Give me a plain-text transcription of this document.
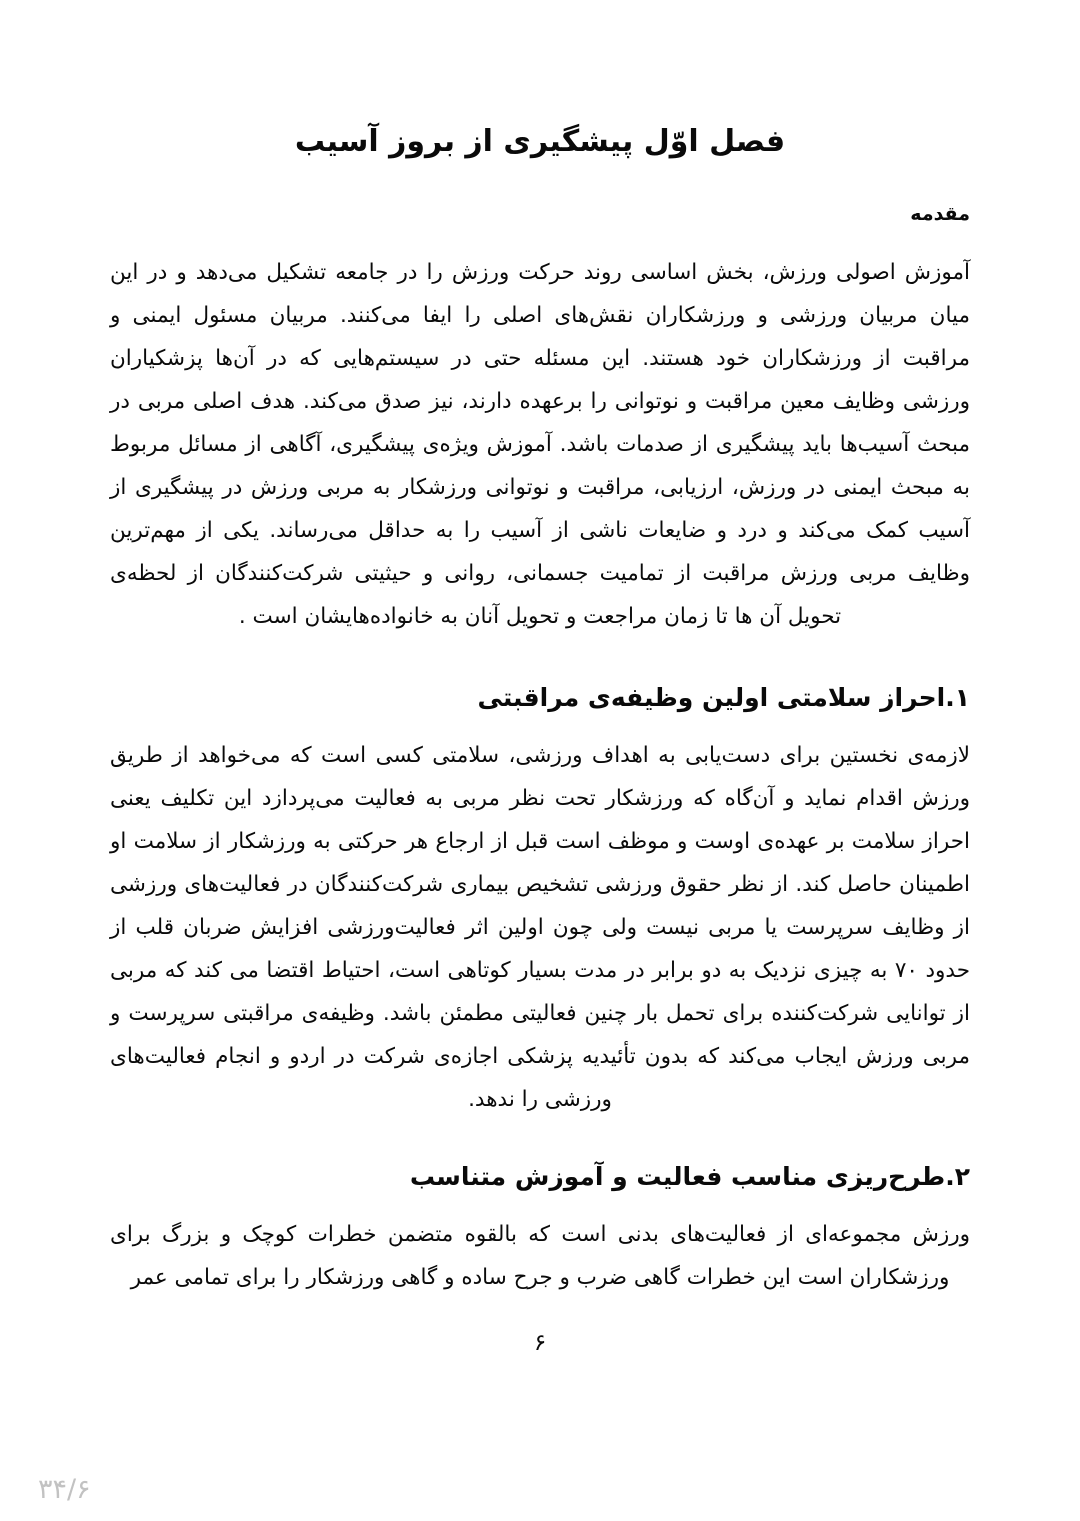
فصل اوّل پیشگیری از بروز آسیب
مقدمه

آموزش اصولی ورزش، بخش اساسی روند حرکت ورزش را در جامعه تشکیل می‌دهد و در این میان مربیان ورزشی و ورزشکاران نقش‌های اصلی را ایفا می‌کنند. مربیان مسئول ایمنی و مراقبت از ورزشکاران خود هستند. این مسئله حتی در سیستم‌هایی که در آن‌ها پزشکیاران ورزشی وظایف معین مراقبت و نوتوانی را برعهده دارند، نیز صدق می‌کند. هدف اصلی مربی در مبحث آسیب‌ها باید پیشگیری از صدمات باشد. آموزش ویژه‌ی پیشگیری، آگاهی از مسائل مربوط به مبحث ایمنی در ورزش، ارزیابی، مراقبت و نوتوانی ورزشکار به مربی ورزش در پیشگیری از آسیب کمک می‌کند و درد و ضایعات ناشی از آسیب را به حداقل می‌رساند. یکی از مهم‌ترین وظایف مربی ورزش مراقبت از تمامیت جسمانی، روانی و حیثیتی شرکت‌کنندگان از لحظه‌ی تحویل آن ها تا زمان مراجعت و تحویل آنان به خانواده‌هایشان است .

۱.احراز سلامتی اولین وظیفه‌ی مراقبتی

لازمه‌ی نخستین برای دست‌یابی به اهداف ورزشی، سلامتی کسی است که می‌خواهد از طریق ورزش اقدام نماید و آن‌گاه که ورزشکار تحت نظر مربی به فعالیت می‌پردازد این تکلیف یعنی احراز سلامت بر عهده‌ی اوست و موظف است قبل از ارجاع هر حرکتی به ورزشکار از سلامت او اطمینان حاصل کند. از نظر حقوق ورزشی تشخیص بیماری شرکت‌کنندگان در فعالیت‌های ورزشی از وظایف سرپرست یا مربی نیست ولی چون اولین اثر فعالیت‌ورزشی افزایش ضربان قلب از حدود ۷۰ به چیزی نزدیک به دو برابر در مدت بسیار کوتاهی است، احتیاط اقتضا می کند که مربی از توانایی شرکت‌کننده برای تحمل بار چنین فعالیتی مطمئن باشد. وظیفه‌ی مراقبتی سرپرست و مربی ورزش ایجاب می‌کند که بدون تأئیدیه پزشکی اجازه‌ی شرکت در اردو و انجام فعالیت‌های ورزشی را ندهد.

۲.طرح‌ریزی مناسب فعالیت و آموزش متناسب

ورزش مجموعه‌ای از فعالیت‌های بدنی است که بالقوه متضمن خطرات کوچک و بزرگ برای ورزشکاران است این خطرات گاهی ضرب و جرح ساده و گاهی ورزشکار را برای تمامی عمر

۶
۳۴/۶
